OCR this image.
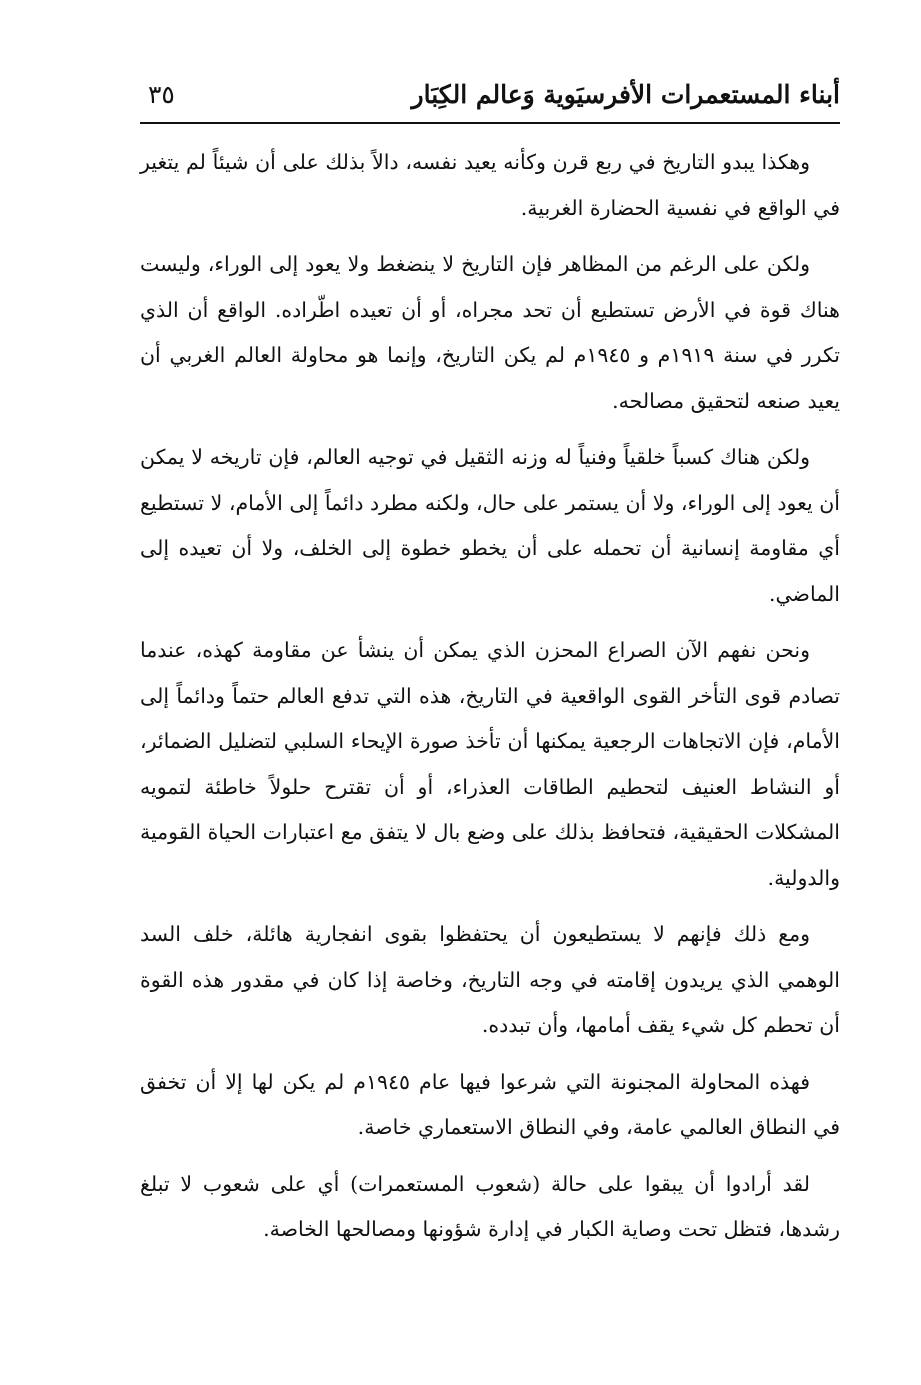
أبناء المستعمرات الأفرسيَوية وَعالم الكِبَار
٣٥

وهكذا يبدو التاريخ في ربع قرن وكأنه يعيد نفسه، دالاً بذلك على أن شيئاً لم يتغير في الواقع في نفسية الحضارة الغربية.

ولكن على الرغم من المظاهر فإن التاريخ لا ينضغط ولا يعود إلى الوراء، وليست هناك قوة في الأرض تستطيع أن تحد مجراه، أو أن تعيده اطّراده. الواقع أن الذي تكرر في سنة ١٩١٩م و ١٩٤٥م لم يكن التاريخ، وإنما هو محاولة العالم الغربي أن يعيد صنعه لتحقيق مصالحه.

ولكن هناك كسباً خلقياً وفنياً له وزنه الثقيل في توجيه العالم، فإن تاريخه لا يمكن أن يعود إلى الوراء، ولا أن يستمر على حال، ولكنه مطرد دائماً إلى الأمام، لا تستطيع أي مقاومة إنسانية أن تحمله على أن يخطو خطوة إلى الخلف، ولا أن تعيده إلى الماضي.

ونحن نفهم الآن الصراع المحزن الذي يمكن أن ينشأ عن مقاومة كهذه، عندما تصادم قوى التأخر القوى الواقعية في التاريخ، هذه التي تدفع العالم حتماً ودائماً إلى الأمام، فإن الاتجاهات الرجعية يمكنها أن تأخذ صورة الإيحاء السلبي لتضليل الضمائر، أو النشاط العنيف لتحطيم الطاقات العذراء، أو أن تقترح حلولاً خاطئة لتمويه المشكلات الحقيقية، فتحافظ بذلك على وضع بال لا يتفق مع اعتبارات الحياة القومية والدولية.

ومع ذلك فإنهم لا يستطيعون أن يحتفظوا بقوى انفجارية هائلة، خلف السد الوهمي الذي يريدون إقامته في وجه التاريخ، وخاصة إذا كان في مقدور هذه القوة أن تحطم كل شيء يقف أمامها، وأن تبدده.

فهذه المحاولة المجنونة التي شرعوا فيها عام ١٩٤٥م لم يكن لها إلا أن تخفق في النطاق العالمي عامة، وفي النطاق الاستعماري خاصة.

لقد أرادوا أن يبقوا على حالة (شعوب المستعمرات) أي على شعوب لا تبلغ رشدها، فتظل تحت وصاية الكبار في إدارة شؤونها ومصالحها الخاصة.
